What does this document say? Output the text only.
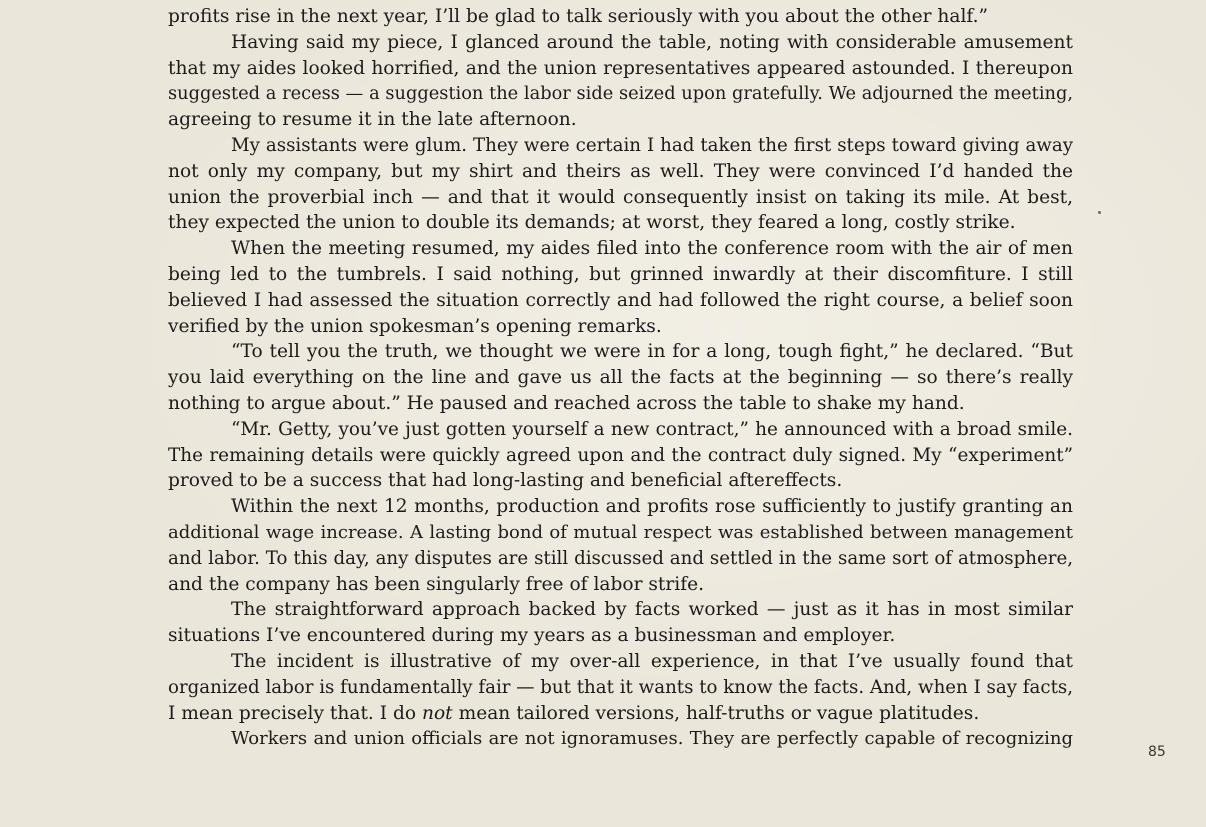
profits rise in the next year, I’ll be glad to talk seriously with you about the other half.”
Having said my piece, I glanced around the table, noting with considerable amusement
that my aides looked horrified, and the union representatives appeared astounded. I thereupon
suggested a recess — a suggestion the labor side seized upon gratefully. We adjourned the meeting,
agreeing to resume it in the late afternoon.
My assistants were glum. They were certain I had taken the first steps toward giving away
not only my company, but my shirt and theirs as well. They were convinced I’d handed the
union the proverbial inch — and that it would consequently insist on taking its mile. At best,
they expected the union to double its demands; at worst, they feared a long, costly strike.
When the meeting resumed, my aides filed into the conference room with the air of men
being led to the tumbrels. I said nothing, but grinned inwardly at their discomfiture. I still
believed I had assessed the situation correctly and had followed the right course, a belief soon
verified by the union spokesman’s opening remarks.
“To tell you the truth, we thought we were in for a long, tough fight,” he declared. “But
you laid everything on the line and gave us all the facts at the beginning — so there’s really
nothing to argue about.” He paused and reached across the table to shake my hand.
“Mr. Getty, you’ve just gotten yourself a new contract,” he announced with a broad smile.
The remaining details were quickly agreed upon and the contract duly signed. My “experiment”
proved to be a success that had long-lasting and beneficial aftereffects.
Within the next 12 months, production and profits rose sufficiently to justify granting an
additional wage increase. A lasting bond of mutual respect was established between management
and labor. To this day, any disputes are still discussed and settled in the same sort of atmosphere,
and the company has been singularly free of labor strife.
The straightforward approach backed by facts worked — just as it has in most similar
situations I’ve encountered during my years as a businessman and employer.
The incident is illustrative of my over-all experience, in that I’ve usually found that
organized labor is fundamentally fair — but that it wants to know the facts. And, when I say facts,
I mean precisely that. I do not mean tailored versions, half-truths or vague platitudes.
Workers and union officials are not ignoramuses. They are perfectly capable of recognizing
85
